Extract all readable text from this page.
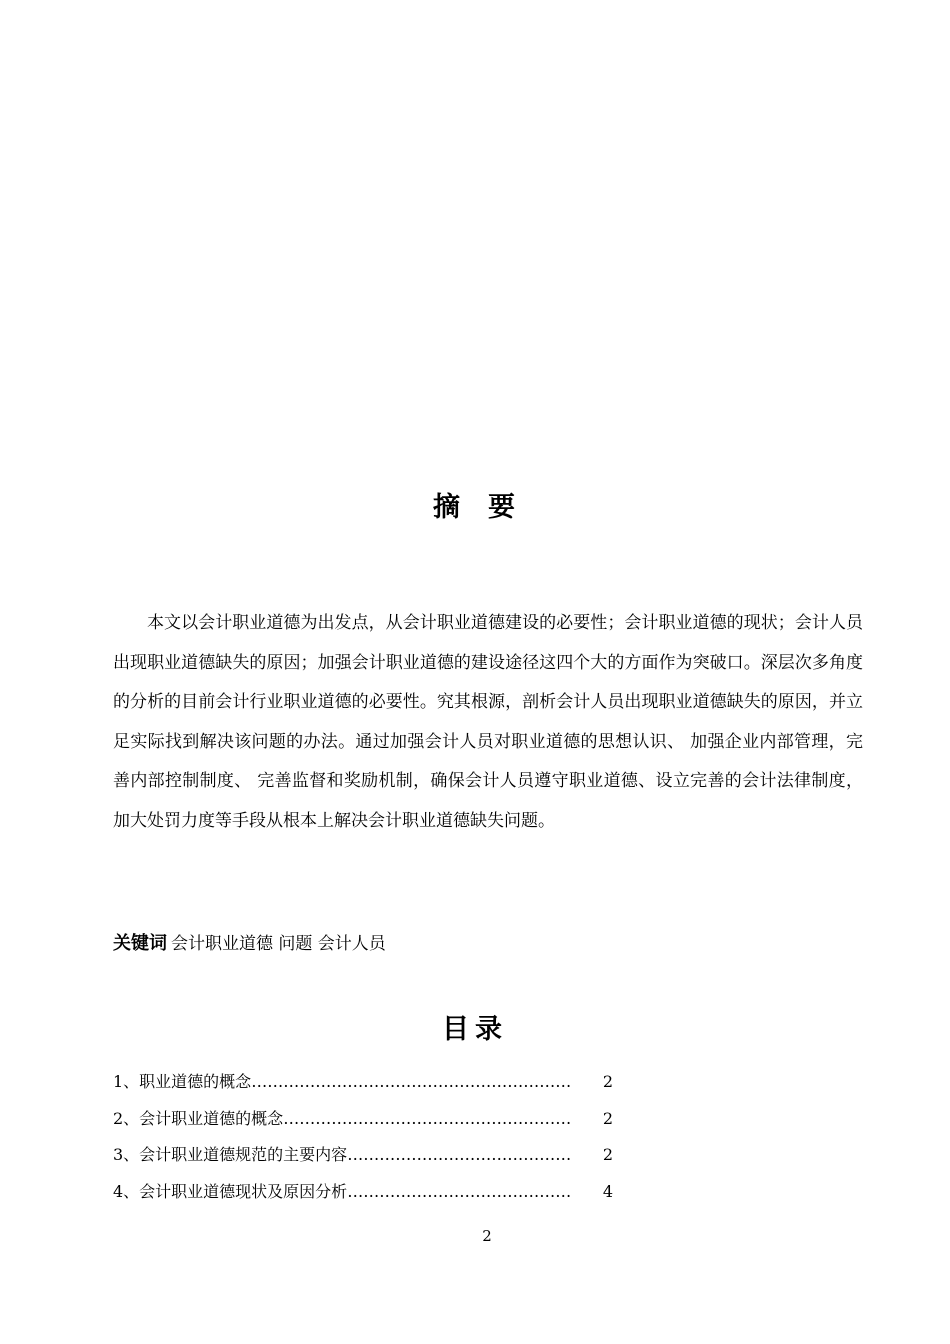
摘 要

本文以会计职业道德为出发点，从会计职业道德建设的必要性；会计职业道德的现状；会计人员出现职业道德缺失的原因；加强会计职业道德的建设途径这四个大的方面作为突破口。深层次多角度的分析的目前会计行业职业道德的必要性。究其根源，剖析会计人员出现职业道德缺失的原因，并立足实际找到解决该问题的办法。通过加强会计人员对职业道德的思想认识、 加强企业内部管理，完善内部控制制度、 完善监督和奖励机制，确保会计人员遵守职业道德、设立完善的会计法律制度，加大处罚力度等手段从根本上解决会计职业道德缺失问题。

关键词 会计职业道德 问题 会计人员
目录
1、职业道德的概念 ……………………………………………………	2
2、会计职业道德的概念 ………………………………………………	2
3、会计职业道德规范的主要内容 ……………………………………	2
4、会计职业道德现状及原因分析 ……………………………………	4
2
